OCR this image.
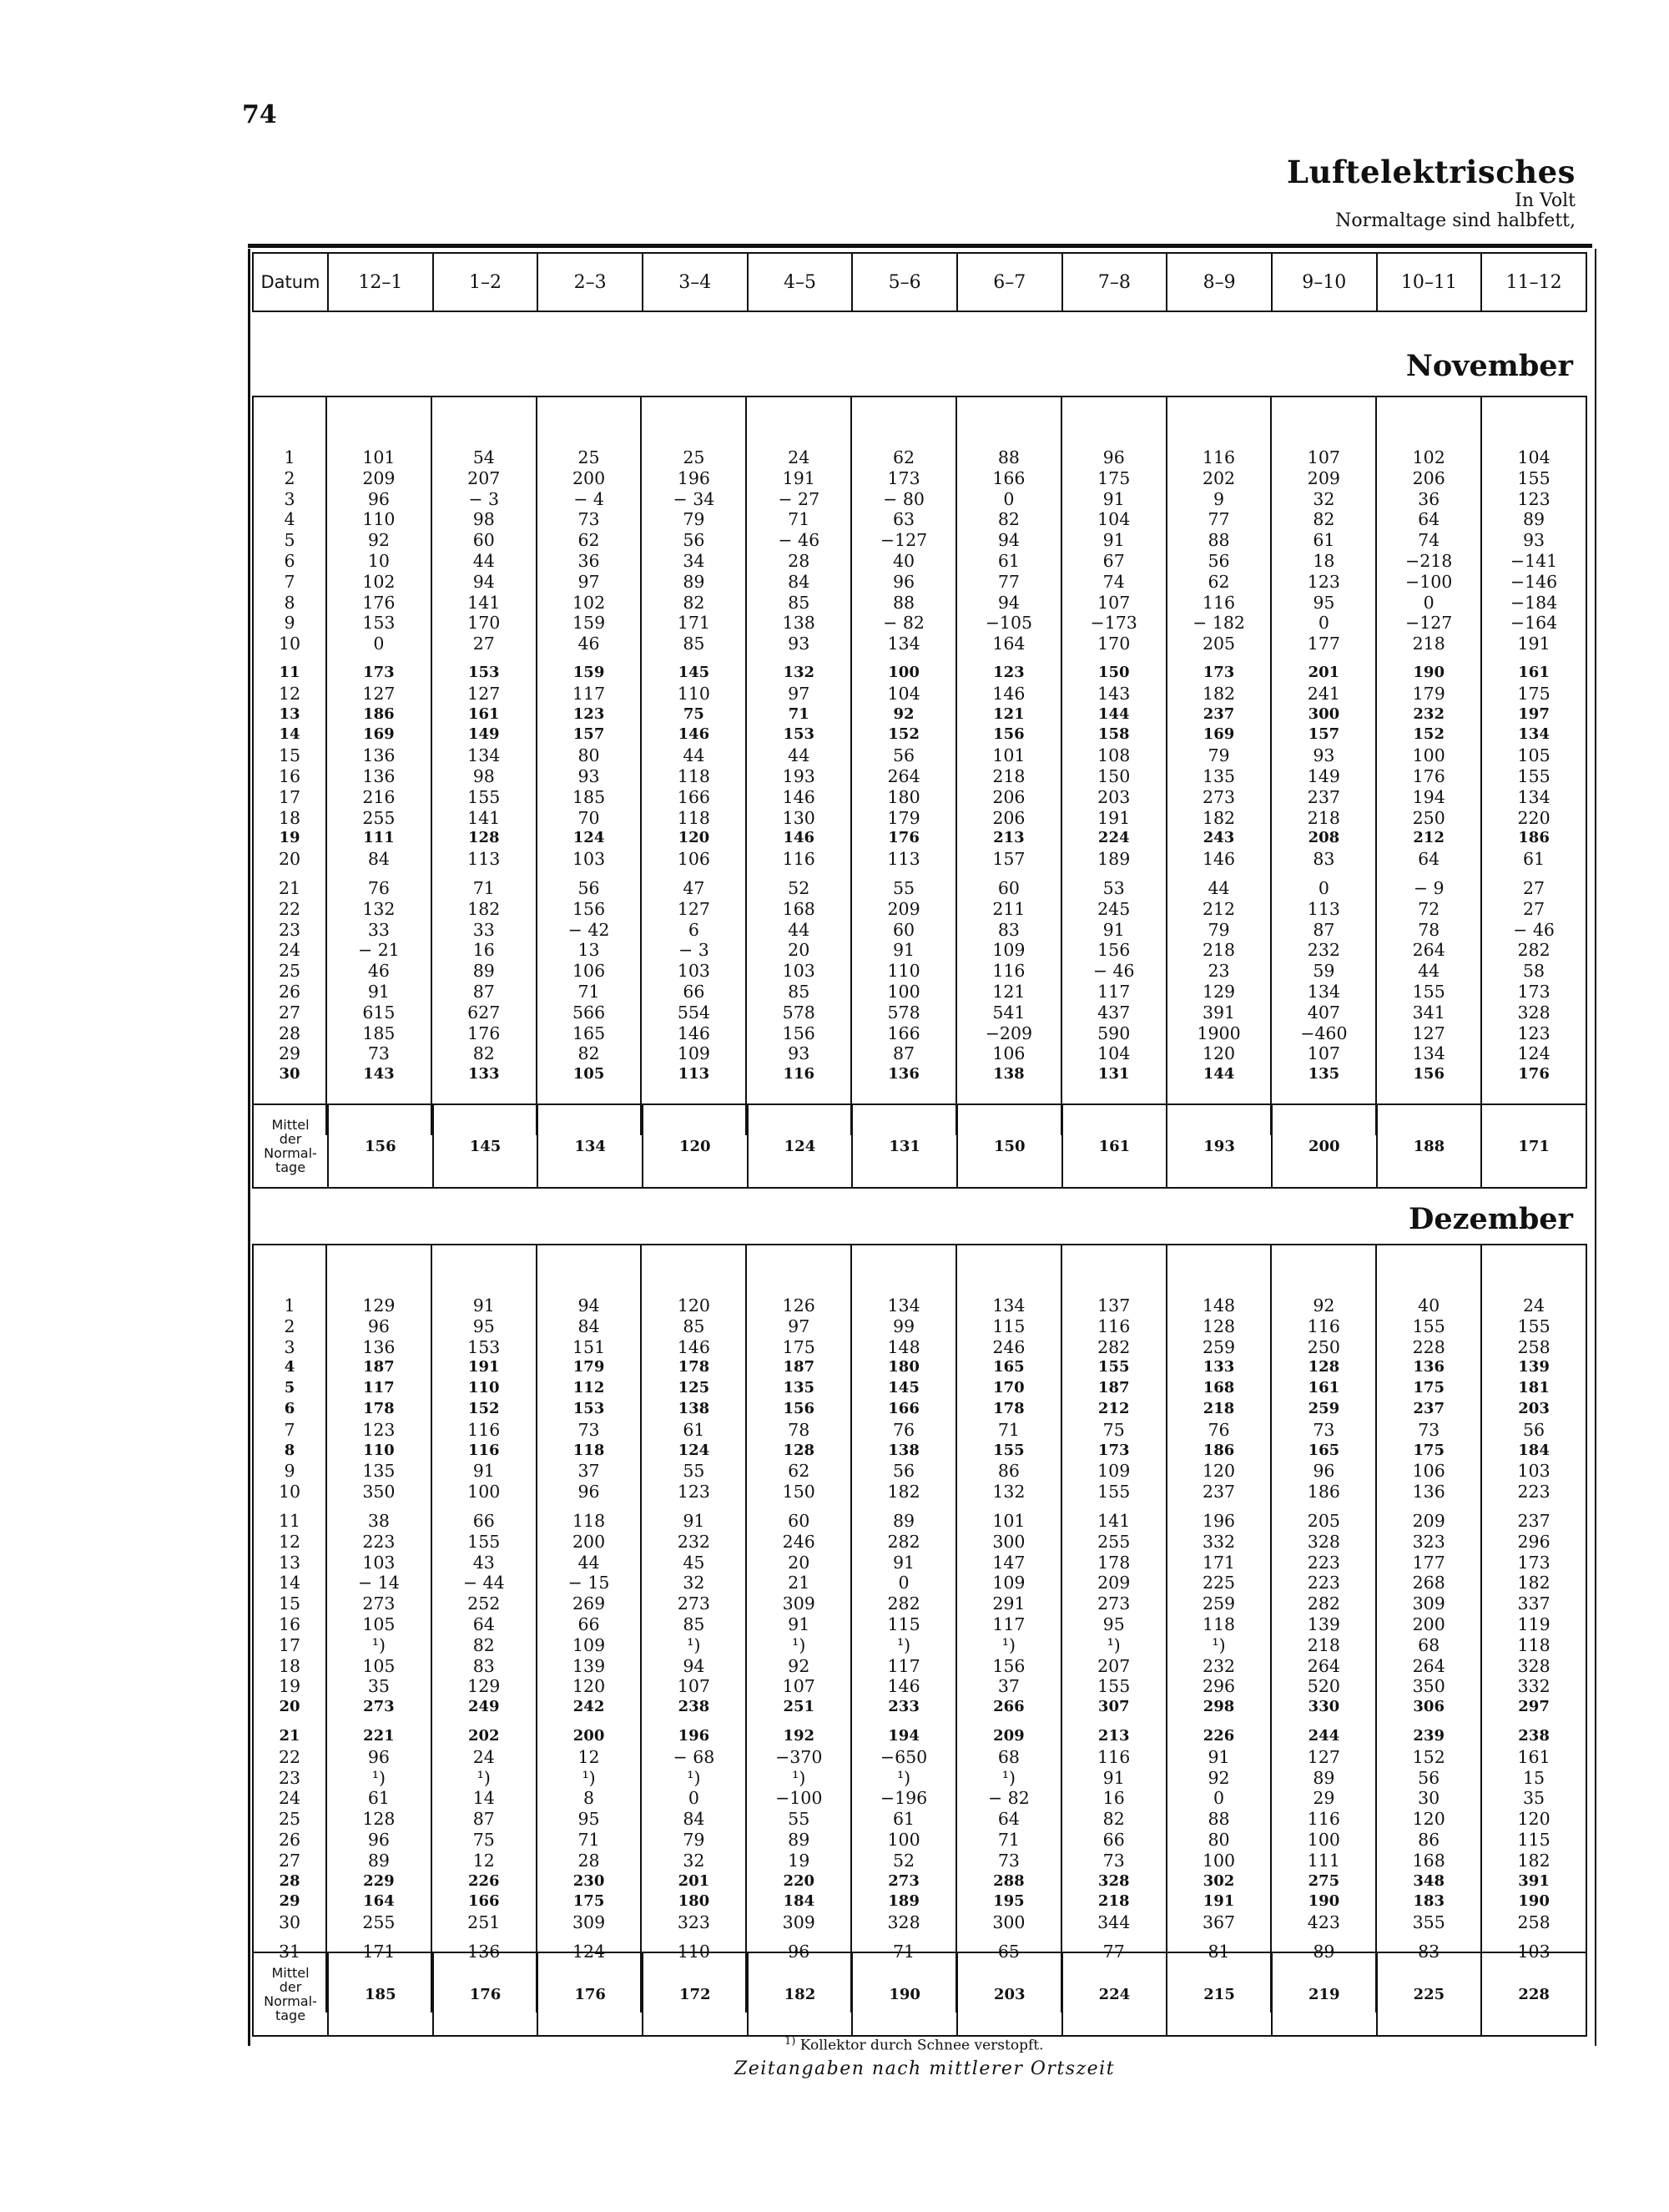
74
Luftelektrisches
In Volt
Normaltage sind halbfett,
Datum	12–1	1–2	2–3	3–4	4–5	5–6	6–7	7–8	8–9	9–10	10–11	11–12
November

1	101	54	25	25	24	62	88	96	116	107	102	104
2	209	207	200	196	191	173	166	175	202	209	206	155
3	96	− 3	− 4	− 34	− 27	− 80	0	91	9	32	36	123
4	110	98	73	79	71	63	82	104	77	82	64	89
5	92	60	62	56	− 46	−127	94	91	88	61	74	93
6	10	44	36	34	28	40	61	67	56	18	−218	−141
7	102	94	97	89	84	96	77	74	62	123	−100	−146
8	176	141	102	82	85	88	94	107	116	95	0	−184
9	153	170	159	171	138	− 82	−105	−173	− 182	0	−127	−164
10	0	27	46	85	93	134	164	170	205	177	218	191

11	173	153	159	145	132	100	123	150	173	201	190	161
12	127	127	117	110	97	104	146	143	182	241	179	175
13	186	161	123	75	71	92	121	144	237	300	232	197
14	169	149	157	146	153	152	156	158	169	157	152	134
15	136	134	80	44	44	56	101	108	79	93	100	105
16	136	98	93	118	193	264	218	150	135	149	176	155
17	216	155	185	166	146	180	206	203	273	237	194	134
18	255	141	70	118	130	179	206	191	182	218	250	220
19	111	128	124	120	146	176	213	224	243	208	212	186
20	84	113	103	106	116	113	157	189	146	83	64	61

21	76	71	56	47	52	55	60	53	44	0	− 9	27
22	132	182	156	127	168	209	211	245	212	113	72	27
23	33	33	− 42	6	44	60	83	91	79	87	78	− 46
24	− 21	16	13	− 3	20	91	109	156	218	232	264	282
25	46	89	106	103	103	110	116	− 46	23	59	44	58
26	91	87	71	66	85	100	121	117	129	134	155	173
27	615	627	566	554	578	578	541	437	391	407	341	328
28	185	176	165	146	156	166	−209	590	1900	−460	127	123
29	73	82	82	109	93	87	106	104	120	107	134	124
30	143	133	105	113	116	136	138	131	144	135	156	176

Mittel
der
Normal-
tage
	156	145	134	120	124	131	150	161	193	200	188	171
Dezember

1	129	91	94	120	126	134	134	137	148	92	40	24
2	96	95	84	85	97	99	115	116	128	116	155	155
3	136	153	151	146	175	148	246	282	259	250	228	258
4	187	191	179	178	187	180	165	155	133	128	136	139
5	117	110	112	125	135	145	170	187	168	161	175	181
6	178	152	153	138	156	166	178	212	218	259	237	203
7	123	116	73	61	78	76	71	75	76	73	73	56
8	110	116	118	124	128	138	155	173	186	165	175	184
9	135	91	37	55	62	56	86	109	120	96	106	103
10	350	100	96	123	150	182	132	155	237	186	136	223

11	38	66	118	91	60	89	101	141	196	205	209	237
12	223	155	200	232	246	282	300	255	332	328	323	296
13	103	43	44	45	20	91	147	178	171	223	177	173
14	− 14	− 44	− 15	32	21	0	109	209	225	223	268	182
15	273	252	269	273	309	282	291	273	259	282	309	337
16	105	64	66	85	91	115	117	95	118	139	200	119
17	¹)	82	109	¹)	¹)	¹)	¹)	¹)	¹)	218	68	118
18	105	83	139	94	92	117	156	207	232	264	264	328
19	35	129	120	107	107	146	37	155	296	520	350	332
20	273	249	242	238	251	233	266	307	298	330	306	297

21	221	202	200	196	192	194	209	213	226	244	239	238
22	96	24	12	− 68	−370	−650	68	116	91	127	152	161
23	¹)	¹)	¹)	¹)	¹)	¹)	¹)	91	92	89	56	15
24	61	14	8	0	−100	−196	− 82	16	0	29	30	35
25	128	87	95	84	55	61	64	82	88	116	120	120
26	96	75	71	79	89	100	71	66	80	100	86	115
27	89	12	28	32	19	52	73	73	100	111	168	182
28	229	226	230	201	220	273	288	328	302	275	348	391
29	164	166	175	180	184	189	195	218	191	190	183	190
30	255	251	309	323	309	328	300	344	367	423	355	258

31	171	136	124	110	96	71	65	77	81	89	83	103

Mittel
der
Normal-
tage
	185	176	176	172	182	190	203	224	215	219	225	228
$^{1)}$ Kollektor durch Schnee verstopft.
Zeitangaben nach mittlerer Ortszeit
